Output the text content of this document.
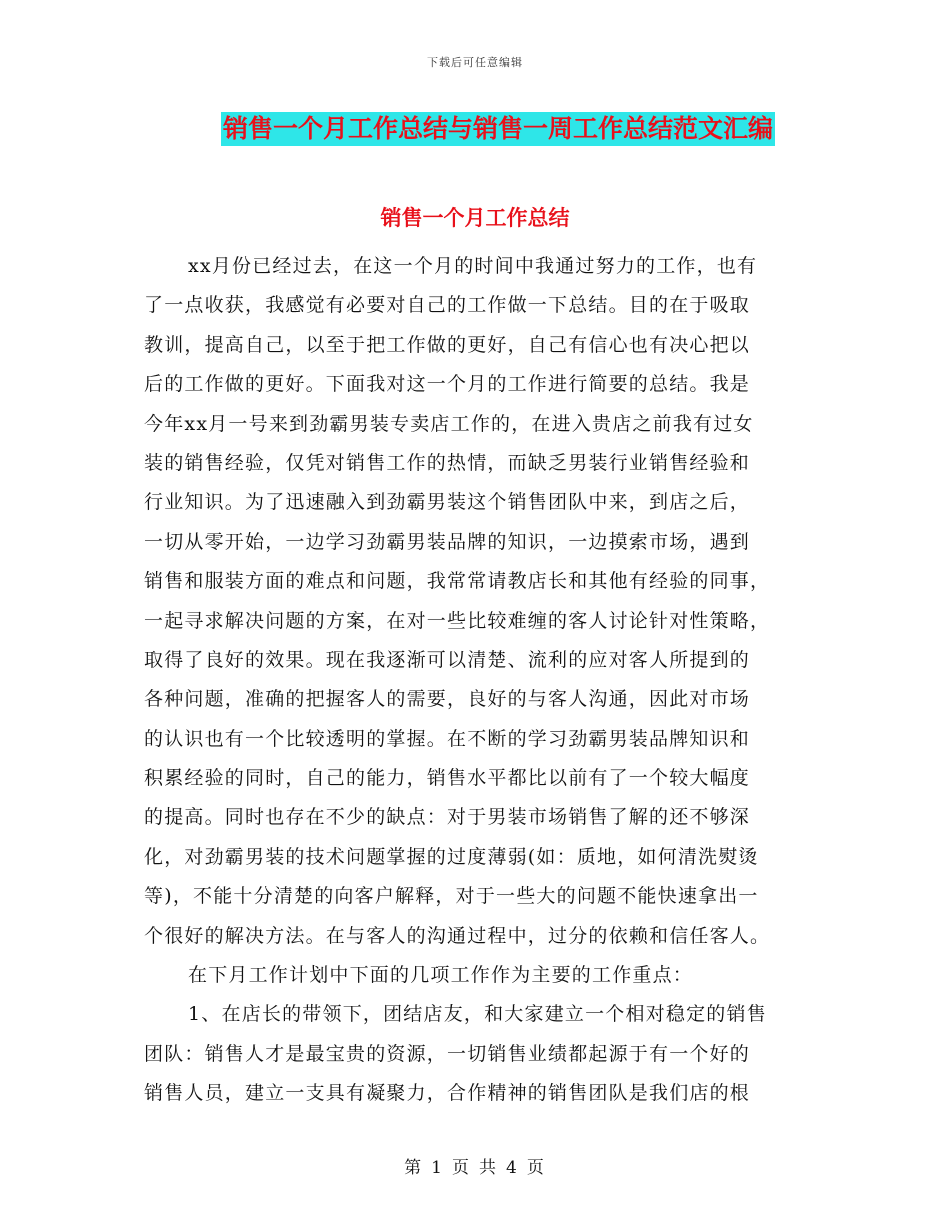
下载后可任意编辑
销售一个月工作总结与销售一周工作总结范文汇编
销售一个月工作总结
xx月份已经过去，在这一个月的时间中我通过努力的工作，也有
了一点收获，我感觉有必要对自己的工作做一下总结。目的在于吸取
教训，提高自己，以至于把工作做的更好，自己有信心也有决心把以
后的工作做的更好。下面我对这一个月的工作进行简要的总结。我是
今年xx月一号来到劲霸男装专卖店工作的，在进入贵店之前我有过女
装的销售经验，仅凭对销售工作的热情，而缺乏男装行业销售经验和
行业知识。为了迅速融入到劲霸男装这个销售团队中来，到店之后，
一切从零开始，一边学习劲霸男装品牌的知识，一边摸索市场，遇到
销售和服装方面的难点和问题，我常常请教店长和其他有经验的同事，
一起寻求解决问题的方案，在对一些比较难缠的客人讨论针对性策略，
取得了良好的效果。现在我逐渐可以清楚、流利的应对客人所提到的
各种问题，准确的把握客人的需要，良好的与客人沟通，因此对市场
的认识也有一个比较透明的掌握。在不断的学习劲霸男装品牌知识和
积累经验的同时，自己的能力，销售水平都比以前有了一个较大幅度
的提高。同时也存在不少的缺点：对于男装市场销售了解的还不够深
化，对劲霸男装的技术问题掌握的过度薄弱(如：质地，如何清洗熨烫
等)，不能十分清楚的向客户解释，对于一些大的问题不能快速拿出一
个很好的解决方法。在与客人的沟通过程中，过分的依赖和信任客人。
在下月工作计划中下面的几项工作作为主要的工作重点：
1、在店长的带领下，团结店友，和大家建立一个相对稳定的销售
团队：销售人才是最宝贵的资源，一切销售业绩都起源于有一个好的
销售人员，建立一支具有凝聚力，合作精神的销售团队是我们店的根
第 1 页 共 4 页
